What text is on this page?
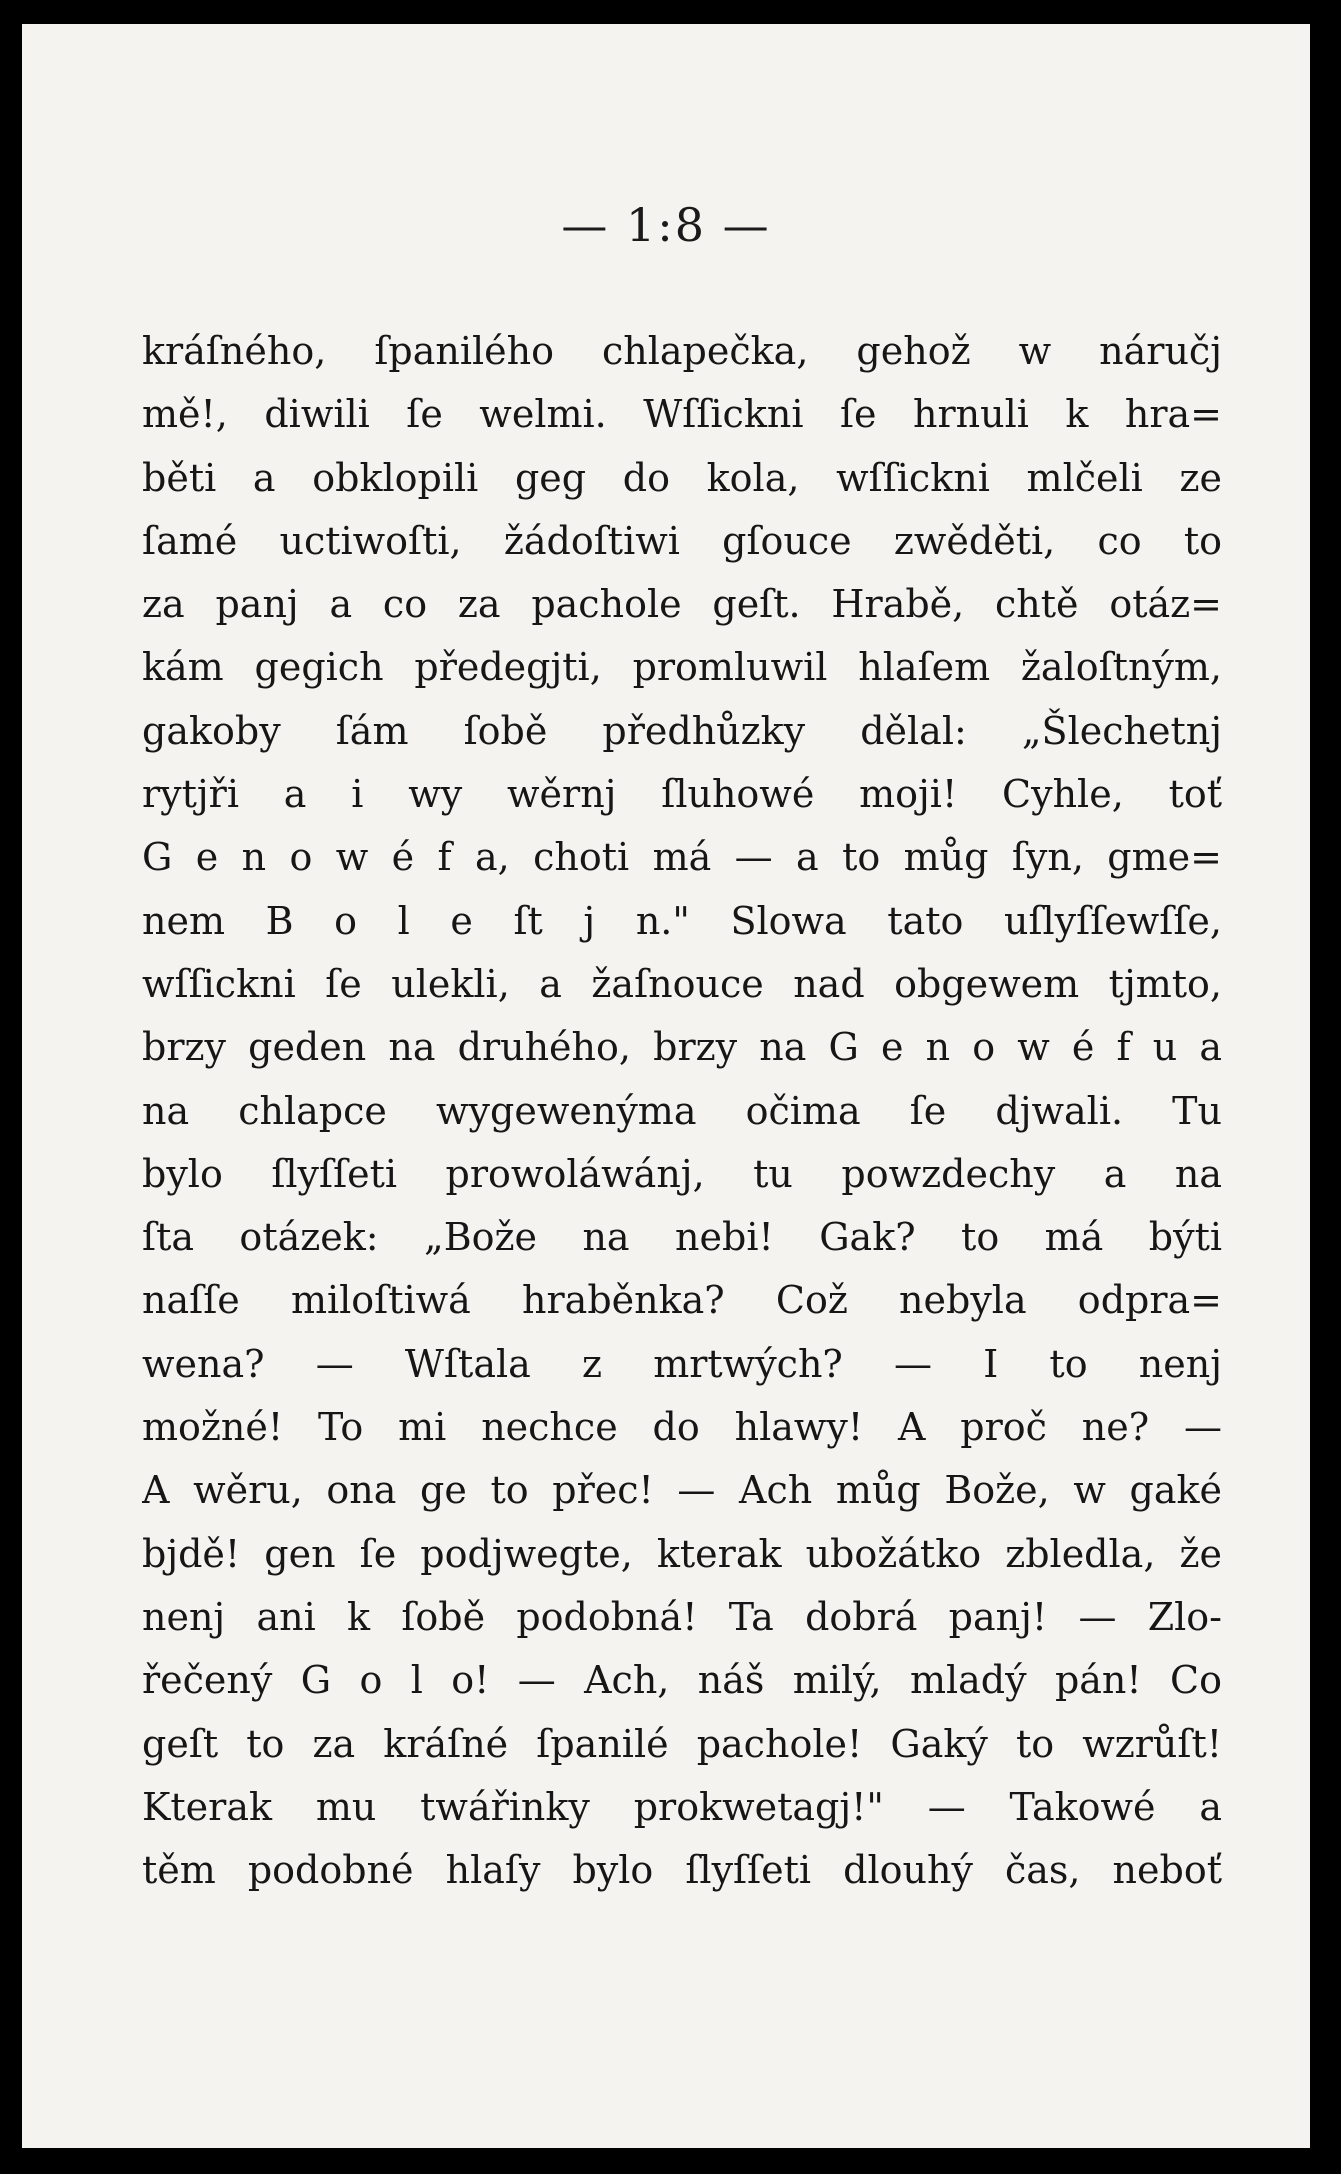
— 1:8 —
kráſného, ſpanilého chlapečka, gehož w náručj
mě!, diwili ſe welmi. Wſſickni ſe hrnuli k hra=
běti a obklopili geg do kola, wſſickni mlčeli ze
ſamé uctiwoſti, žádoſtiwi gſouce zwěděti, co to
za panj a co za pachole geſt. Hrabě, chtě otáz=
kám gegich předegjti, promluwil hlaſem žaloſtným,
gakoby ſám ſobě předhůzky dělal: „Šlechetnj
rytjři a i wy wěrnj ſluhowé moji! Cyhle, toť
G e n o w é f a, choti má — a to můg ſyn, gme=
nem B o l e ſt j n." Slowa tato uſlyſſewſſe,
wſſickni ſe ulekli, a žaſnouce nad obgewem tjmto,
brzy geden na druhého, brzy na G e n o w é f u a
na chlapce wygewenýma očima ſe djwali. Tu
bylo ſlyſſeti prowoláwánj, tu powzdechy a na
ſta otázek: „Bože na nebi! Gak? to má býti
naſſe miloſtiwá hraběnka? Což nebyla odpra=
wena? — Wſtala z mrtwých? — I to nenj
možné! To mi nechce do hlawy! A proč ne? —
A wěru, ona ge to přec! — Ach můg Bože, w gaké
bjdě! gen ſe podjwegte, kterak ubožátko zbledla, že
nenj ani k ſobě podobná! Ta dobrá panj! — Zlo-
řečený G o l o! — Ach, náš milý, mladý pán! Co
geſt to za kráſné ſpanilé pachole! Gaký to wzrůſt!
Kterak mu twářinky prokwetagj!" — Takowé a
těm podobné hlaſy bylo ſlyſſeti dlouhý čas, neboť
